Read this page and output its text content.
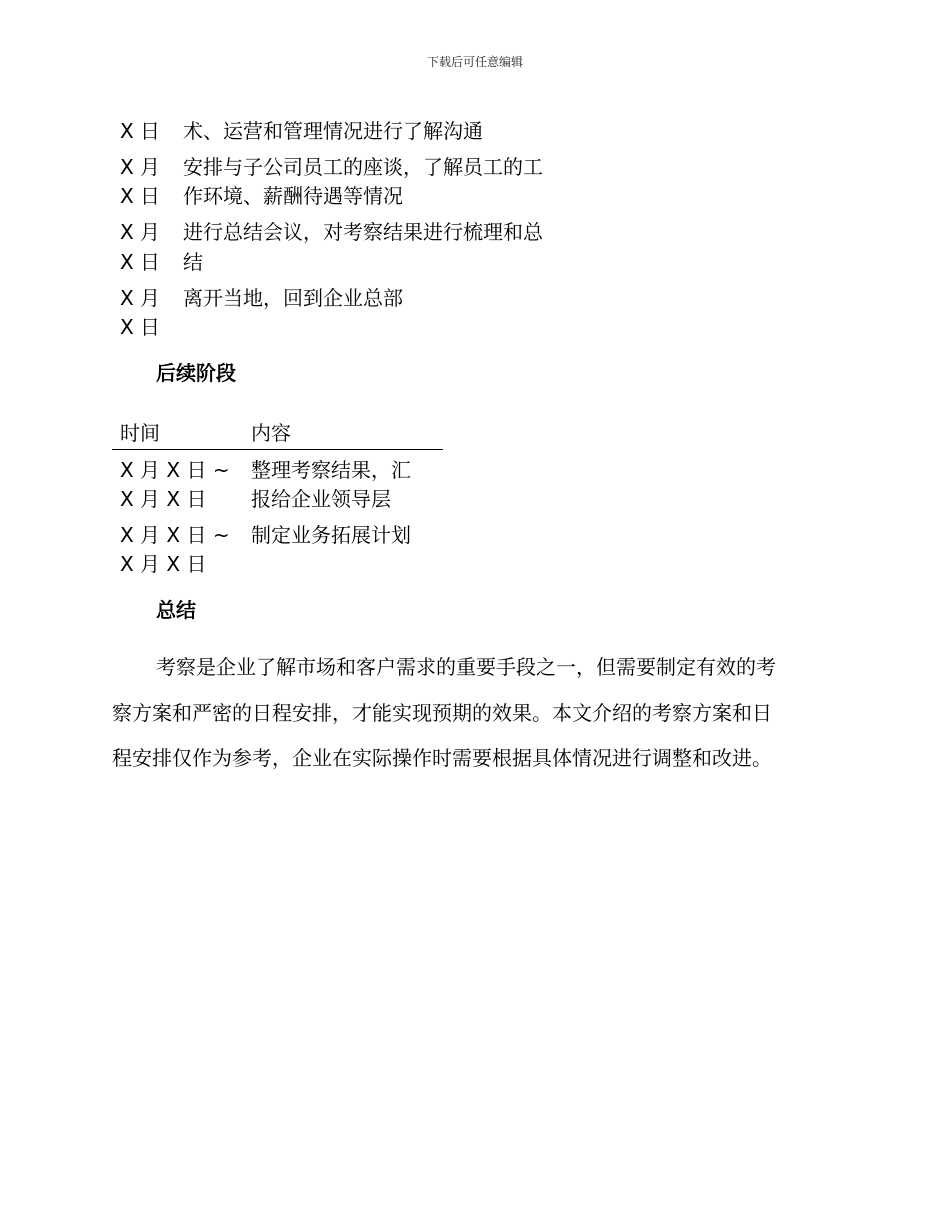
下载后可任意编辑
X 日 术、运营和管理情况进行了解沟通
X 月
X 日
安排与子公司员工的座谈，了解员工的工
作环境、薪酬待遇等情况
X 月
X 日
进行总结会议，对考察结果进行梳理和总
结
X 月
X 日
离开当地，回到企业总部
后续阶段
时间	内容
X 月 X 日 ~
X 月 X 日
整理考察结果，汇
报给企业领导层
X 月 X 日 ~
X 月 X 日
制定业务拓展计划
总结
考察是企业了解市场和客户需求的重要手段之一，但需要制定有效的考
察方案和严密的日程安排，才能实现预期的效果。本文介绍的考察方案和日
程安排仅作为参考，企业在实际操作时需要根据具体情况进行调整和改进。
